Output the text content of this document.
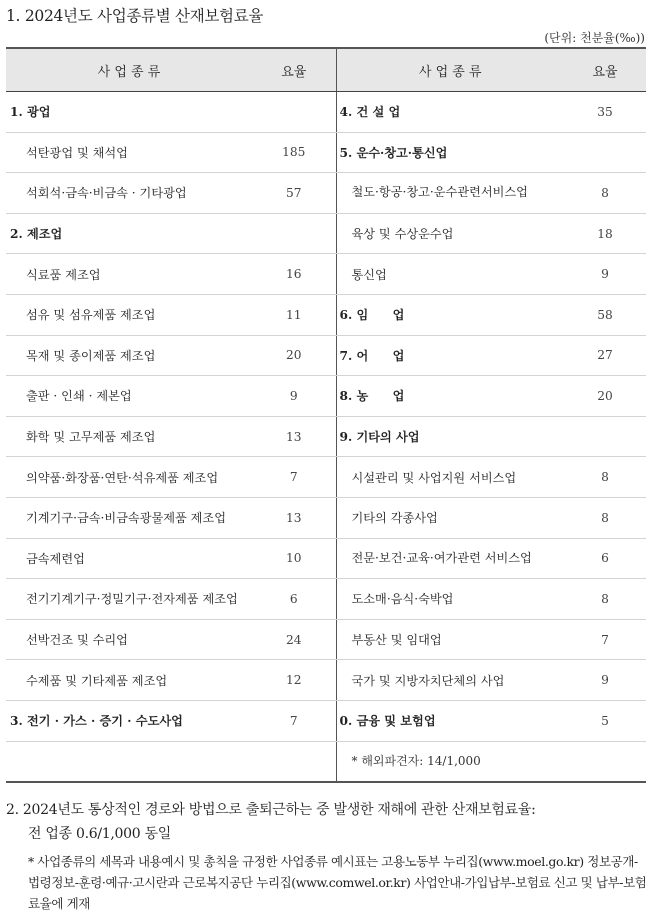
1. 2024년도 사업종류별 산재보험료율
(단위: 천분율(‰))
사 업 종 류	요율	사 업 종 류	요율
1. 광업		4. 건 설 업	35
석탄광업 및 채석업	185	5. 운수·창고·통신업	
석회석·금속·비금속 · 기타광업	57	철도·항공·창고·운수관련서비스업	8
2. 제조업		육상 및 수상운수업	18
식료품 제조업	16	통신업	9
섬유 및 섬유제품 제조업	11	6. 임　　업	58
목재 및 종이제품 제조업	20	7. 어　　업	27
출판 · 인쇄 · 제본업	9	8. 농　　업	20
화학 및 고무제품 제조업	13	9. 기타의 사업	
의약품·화장품·연탄·석유제품 제조업	7	시설관리 및 사업지원 서비스업	8
기계기구·금속·비금속광물제품 제조업	13	기타의 각종사업	8
금속제련업	10	전문·보건·교육·여가관련 서비스업	6
전기기계기구·정밀기구·전자제품 제조업	6	도소매·음식·숙박업	8
선박건조 및 수리업	24	부동산 및 임대업	7
수제품 및 기타제품 제조업	12	국가 및 지방자치단체의 사업	9
3. 전기 · 가스 · 증기 · 수도사업	7	0. 금융 및 보험업	5
		* 해외파견자: 14/1,000	
2. 2024년도 통상적인 경로와 방법으로 출퇴근하는 중 발생한 재해에 관한 산재보험료율:
전 업종 0.6/1,000 동일
* 사업종류의 세목과 내용예시 및 총칙을 규정한 사업종류 예시표는 고용노동부 누리집(www.moel.go.kr) 정보공개-법령정보-훈령·예규·고시란과 근로복지공단 누리집(www.comwel.or.kr) 사업안내-가입납부-보험료 신고 및 납부-보험료율에 게재
